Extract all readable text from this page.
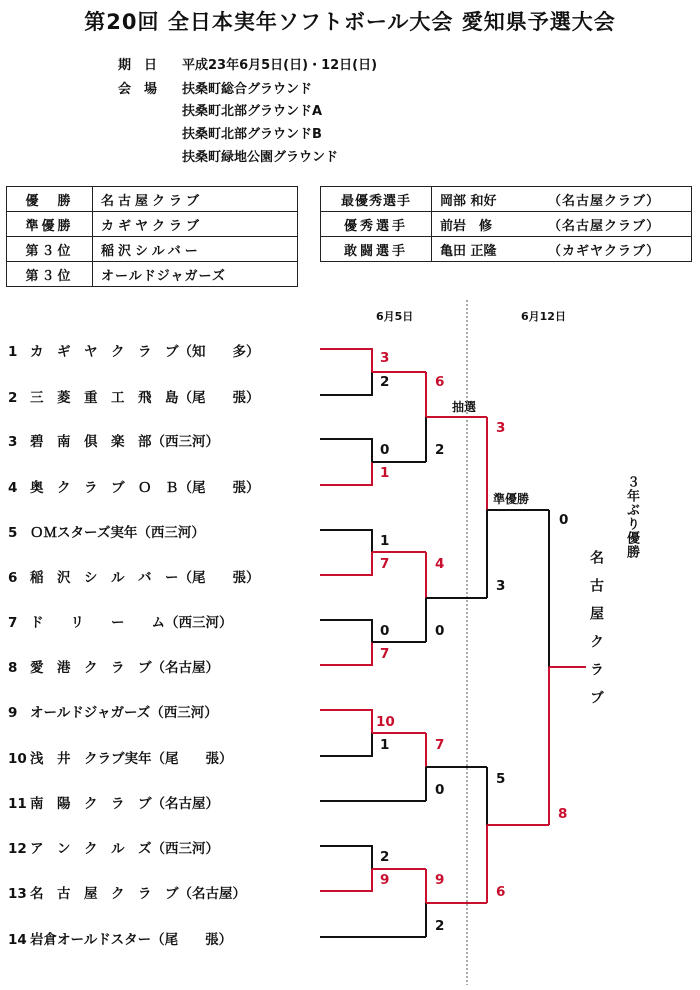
第20回 全日本実年ソフトボール大会 愛知県予選大会
期　日 平成23年6月5日(日)・12日(日)
会　場 扶桑町総合グラウンド
扶桑町北部グラウンドA
扶桑町北部グラウンドB
扶桑町緑地公園グラウンド
優　勝	名古屋クラブ
準優勝	カギヤクラブ
第３位	稲沢シルバー
第３位	オールドジャガーズ
最優秀選手	岡部 和好	（名古屋クラブ）
優秀選手	前岩　修	（名古屋クラブ）
敢闘選手	亀田 正隆	（カギヤクラブ）
6月5日	6月12日
1 カ　ギ　ヤ　ク　ラ　ブ（知　　多）
2 三　菱　重　工　飛　島（尾　　張）
3 碧　南　倶　楽　部（西三河）
4 奥　ク　ラ　ブ　Ｏ　Ｂ（尾　　張）
5 ＯＭスターズ実年（西三河）
6 稲　沢　シ　ル　バ　ー（尾　　張）
7 ド　　リ　　ー　　ム（西三河）
8 愛　港　ク　ラ　ブ（名古屋）
9 オールドジャガーズ（西三河）
10 浅　井　クラブ実年（尾　　張）
11 南　陽　ク　ラ　ブ（名古屋）
12 ア　ン　ク　ル　ズ（西三河）
13 名　古　屋　ク　ラ　ブ（名古屋）
14 岩倉オールドスター（尾　　張）
3
2
0
1
1
7
0
7
10
1
2
9
6
2
4
0
7
0
9
2
抽選
3
3
5
6
準優勝
0
8
名古屋クラブ
３年ぶり優勝
